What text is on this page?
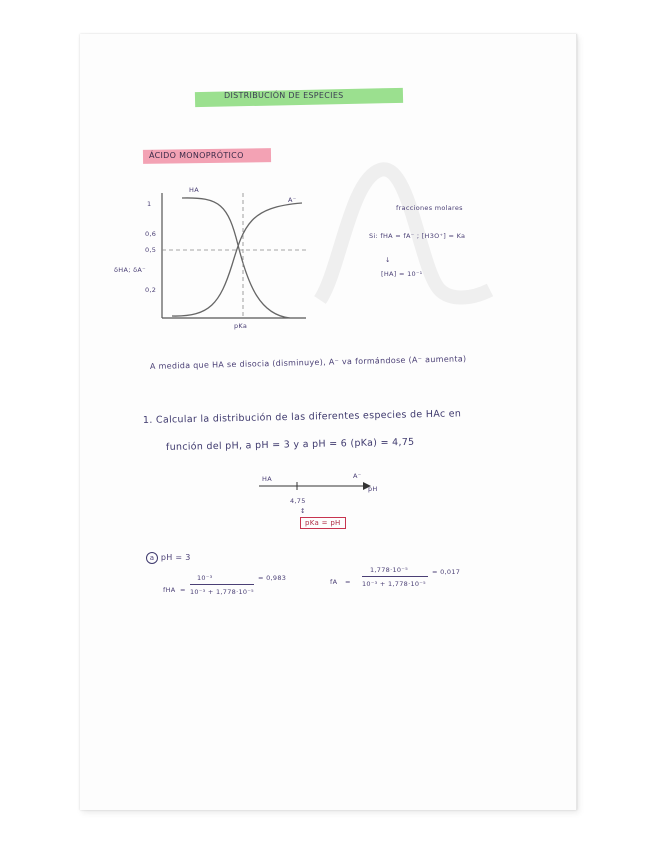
DISTRIBUCIÓN DE ESPECIES
ÁCIDO MONOPRÓTICO
HA
A⁻
1
0,6
0,5
0,2
δHA; δA⁻
pKa
fracciones molares
Si: fHA = fA⁻ ; [H3O⁺] = Ka
↓
[HA] = 10⁻¹
A medida que HA se disocia (disminuye), A⁻ va formándose (A⁻ aumenta)
1. Calcular la distribución de las diferentes especies de HAc en
función del pH, a pH = 3 y a pH = 6 (pKa) = 4,75
HA	A⁻
pH
4,75
↕
pKa = pH
a pH = 3
fHA =
10⁻³
10⁻³ + 1,778·10⁻⁵
= 0,983	fA =
1,778·10⁻⁵
10⁻³ + 1,778·10⁻⁵
= 0,017
